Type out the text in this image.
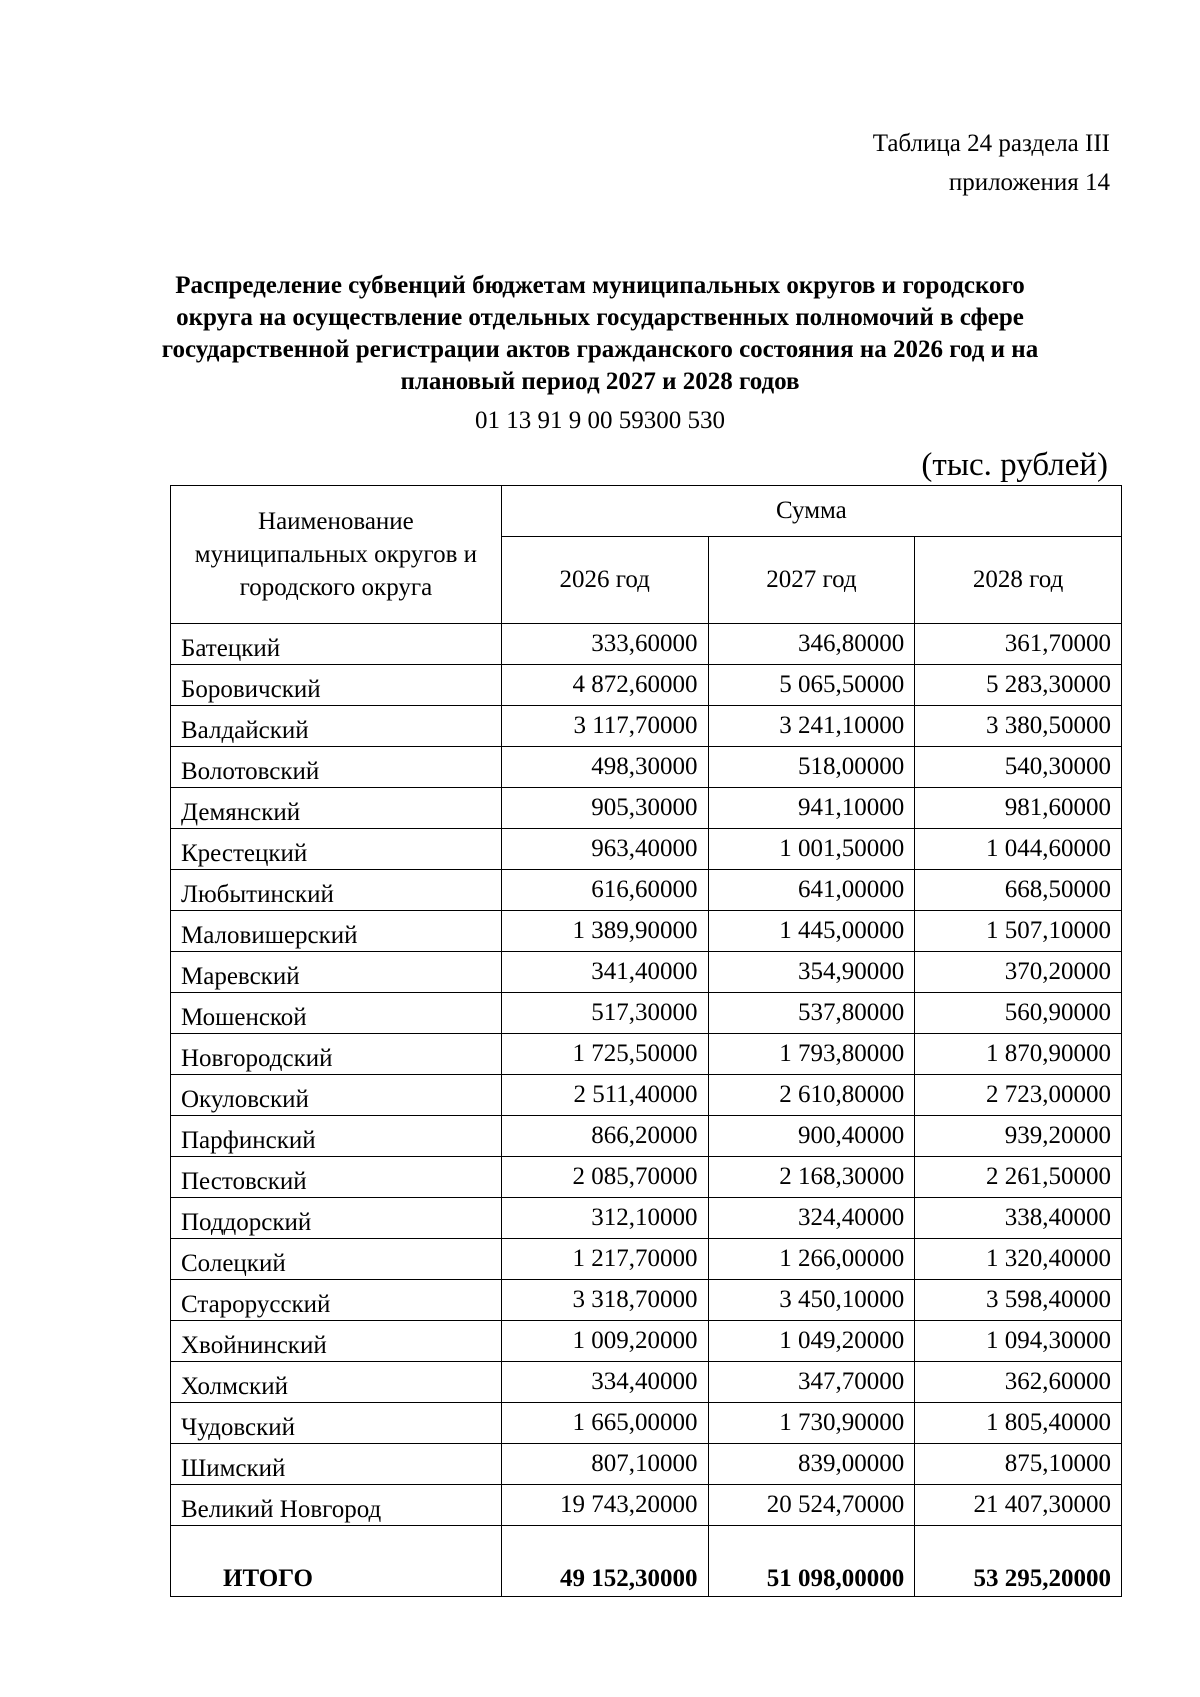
Таблица 24 раздела III
приложения 14
Распределение субвенций бюджетам муниципальных округов и городского округа на осуществление отдельных государственных полномочий в сфере государственной регистрации актов гражданского состояния на 2026 год и на плановый период 2027 и 2028 годов
01 13 91 9 00 59300 530
(тыс. рублей)
Наименование муниципальных округов и городского округа	Сумма		
	2026 год	2027 год	2028 год
Батецкий	333,60000	346,80000	361,70000
Боровичский	4 872,60000	5 065,50000	5 283,30000
Валдайский	3 117,70000	3 241,10000	3 380,50000
Волотовский	498,30000	518,00000	540,30000
Демянский	905,30000	941,10000	981,60000
Крестецкий	963,40000	1 001,50000	1 044,60000
Любытинский	616,60000	641,00000	668,50000
Маловишерский	1 389,90000	1 445,00000	1 507,10000
Маревский	341,40000	354,90000	370,20000
Мошенской	517,30000	537,80000	560,90000
Новгородский	1 725,50000	1 793,80000	1 870,90000
Окуловский	2 511,40000	2 610,80000	2 723,00000
Парфинский	866,20000	900,40000	939,20000
Пестовский	2 085,70000	2 168,30000	2 261,50000
Поддорский	312,10000	324,40000	338,40000
Солецкий	1 217,70000	1 266,00000	1 320,40000
Старорусский	3 318,70000	3 450,10000	3 598,40000
Хвойнинский	1 009,20000	1 049,20000	1 094,30000
Холмский	334,40000	347,70000	362,60000
Чудовский	1 665,00000	1 730,90000	1 805,40000
Шимский	807,10000	839,00000	875,10000
Великий Новгород	19 743,20000	20 524,70000	21 407,30000
ИТОГО	49 152,30000	51 098,00000	53 295,20000
